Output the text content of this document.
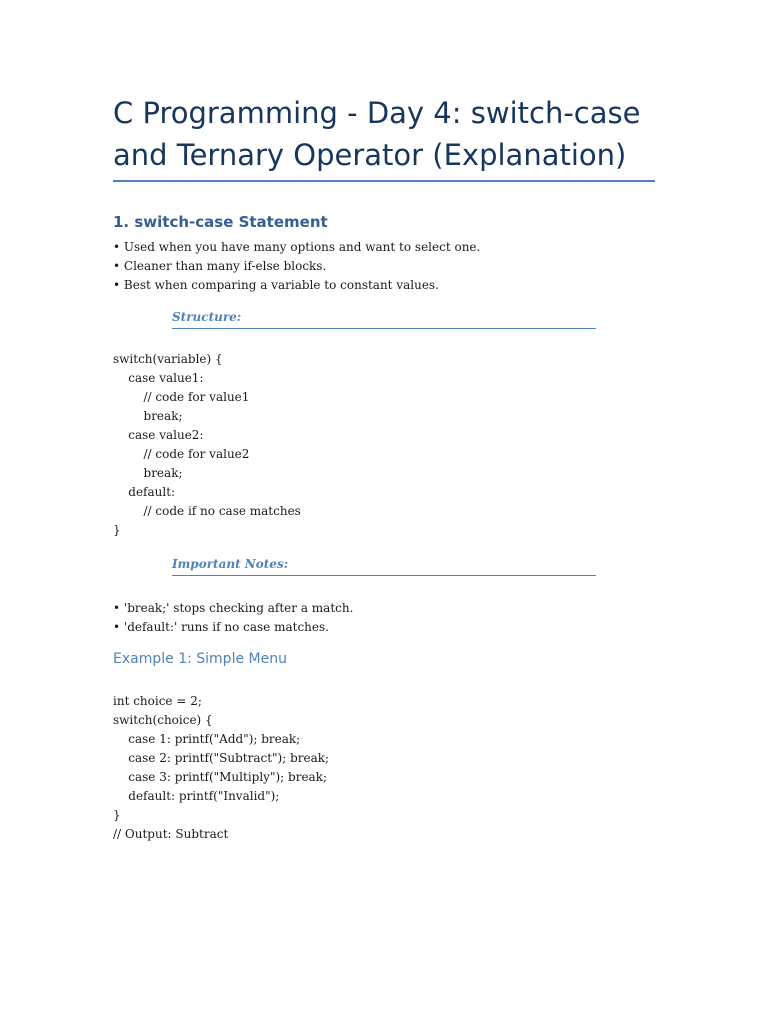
C Programming - Day 4: switch-case and Ternary Operator (Explanation)
1. switch-case Statement
• Used when you have many options and want to select one.
• Cleaner than many if-else blocks.
• Best when comparing a variable to constant values.
Structure:
switch(variable) {
case value1:
// code for value1
break;
case value2:
// code for value2
break;
default:
// code if no case matches
}
Important Notes:
• 'break;' stops checking after a match.
• 'default:' runs if no case matches.
Example 1: Simple Menu
int choice = 2;
switch(choice) {
case 1: printf("Add"); break;
case 2: printf("Subtract"); break;
case 3: printf("Multiply"); break;
default: printf("Invalid");
}
// Output: Subtract
